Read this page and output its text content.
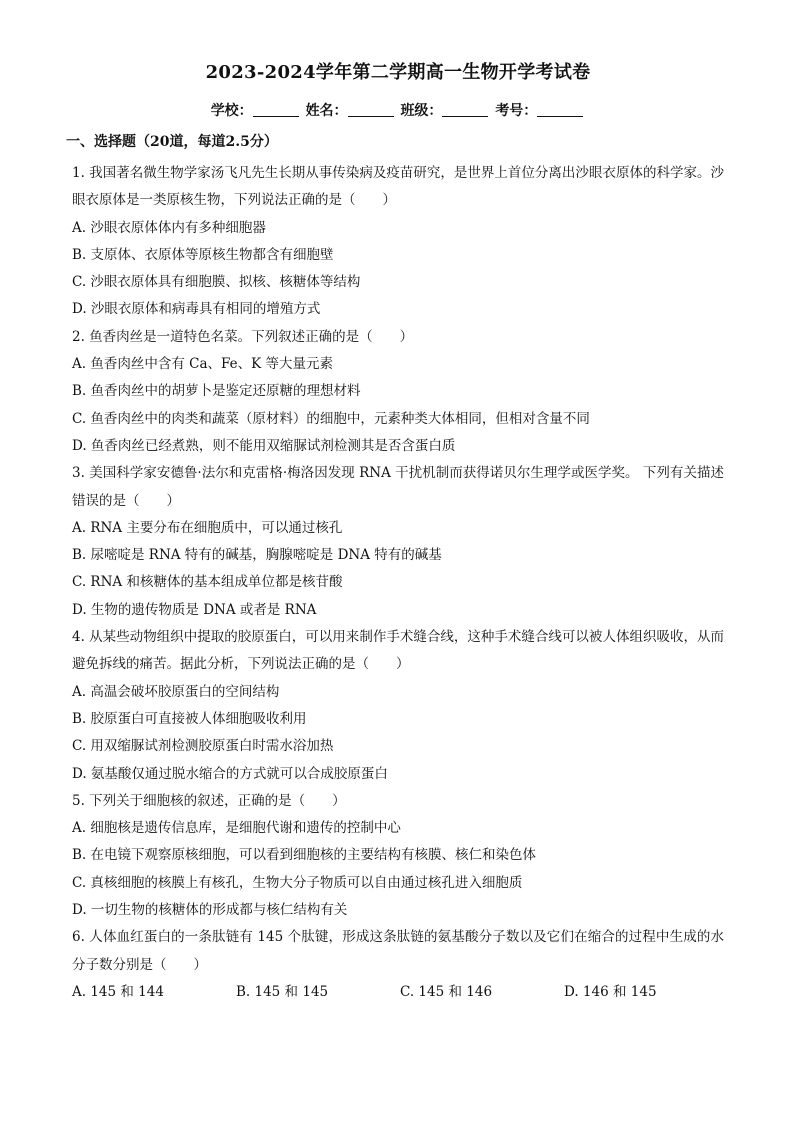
2023-2024学年第二学期高一生物开学考试卷
学校：	姓名：	班级：	考号：
一、选择题（20道，每道2.5分）

1. 我国著名微生物学家汤飞凡先生长期从事传染病及疫苗研究，是世界上首位分离出沙眼衣原体的科学家。沙眼衣原体是一类原核生物，下列说法正确的是（　　）

A. 沙眼衣原体体内有多种细胞器

B. 支原体、衣原体等原核生物都含有细胞壁

C. 沙眼衣原体具有细胞膜、拟核、核糖体等结构

D. 沙眼衣原体和病毒具有相同的增殖方式

2. 鱼香肉丝是一道特色名菜。下列叙述正确的是（　　）

A. 鱼香肉丝中含有 Ca、Fe、K 等大量元素

B. 鱼香肉丝中的胡萝卜是鉴定还原糖的理想材料

C. 鱼香肉丝中的肉类和蔬菜（原材料）的细胞中，元素种类大体相同，但相对含量不同

D. 鱼香肉丝已经煮熟，则不能用双缩脲试剂检测其是否含蛋白质

3. 美国科学家安德鲁·法尔和克雷格·梅洛因发现 RNA 干扰机制而获得诺贝尔生理学或医学奖。 下列有关描述错误的是（　　）

A. RNA 主要分布在细胞质中，可以通过核孔

B. 尿嘧啶是 RNA 特有的碱基，胸腺嘧啶是 DNA 特有的碱基

C. RNA 和核糖体的基本组成单位都是核苷酸

D. 生物的遗传物质是 DNA 或者是 RNA

4. 从某些动物组织中提取的胶原蛋白，可以用来制作手术缝合线，这种手术缝合线可以被人体组织吸收，从而避免拆线的痛苦。据此分析，下列说法正确的是（　　）

A. 高温会破坏胶原蛋白的空间结构

B. 胶原蛋白可直接被人体细胞吸收利用

C. 用双缩脲试剂检测胶原蛋白时需水浴加热

D. 氨基酸仅通过脱水缩合的方式就可以合成胶原蛋白

5. 下列关于细胞核的叙述，正确的是（　　）

A. 细胞核是遗传信息库，是细胞代谢和遗传的控制中心

B. 在电镜下观察原核细胞，可以看到细胞核的主要结构有核膜、核仁和染色体

C. 真核细胞的核膜上有核孔，生物大分子物质可以自由通过核孔进入细胞质

D. 一切生物的核糖体的形成都与核仁结构有关

6. 人体血红蛋白的一条肽链有 145 个肽键，形成这条肽链的氨基酸分子数以及它们在缩合的过程中生成的水分子数分别是（　　）

A. 145 和 144	B. 145 和 145	C. 145 和 146	D. 146 和 145
